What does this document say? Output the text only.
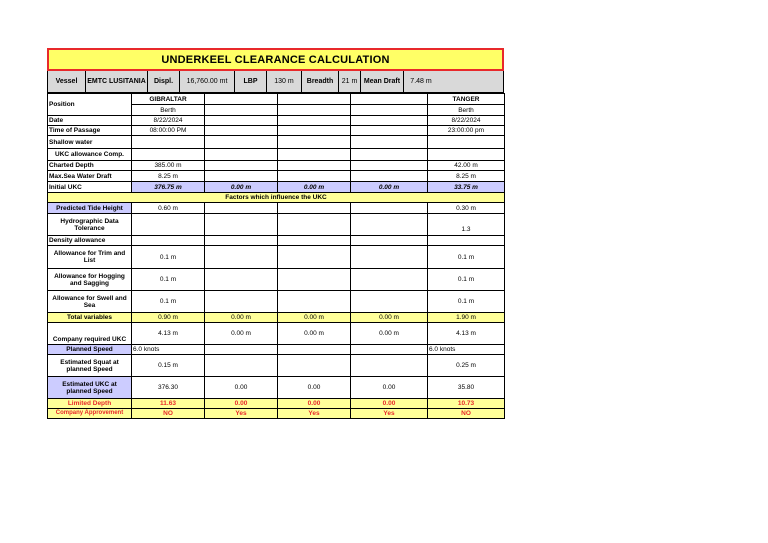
UNDERKEEL CLEARANCE CALCULATION
Vessel	EMTC LUSITANIA	Displ.	16,760.00 mt	LBP	130 m	Breadth	21 m Mean Draft	7.48 m
Position	GIBRALTAR				TANGER
	Berth				Berth
Date	8/22/2024				8/22/2024
Time of Passage	08:00:00 PM				23:00:00 pm
Shallow water					
UKC allowance Comp.					
Charted Depth	385.00 m				42.00 m
Max.Sea Water Draft	8.25 m				8.25 m
Initial UKC	376.75 m	0.00 m	0.00 m	0.00 m	33.75 m
Factors which influence the UKC					
Predicted Tide Height	0.60 m				0.30 m
Hydrographic Data Tolerance					1.3
Density allowance					
Allowance for Trim and List	0.1 m				0.1 m
Allowance for Hogging and Sagging	0.1 m				0.1 m
Allowance for Swell and Sea	0.1 m				0.1 m
Total variables	0.90 m	0.00 m	0.00 m	0.00 m	1.90 m
Company required UKC	4.13 m	0.00 m	0.00 m	0.00 m	4.13 m
Planned Speed	6.0 knots				6.0 knots
Estimated Squat at planned Speed	0.15 m				0.25 m
Estimated UKC at planned Speed	376.30	0.00	0.00	0.00	35.80
Limited Depth	11.63	0.00	0.00	0.00	10.73
Company Approvement	NO	Yes	Yes	Yes	NO
